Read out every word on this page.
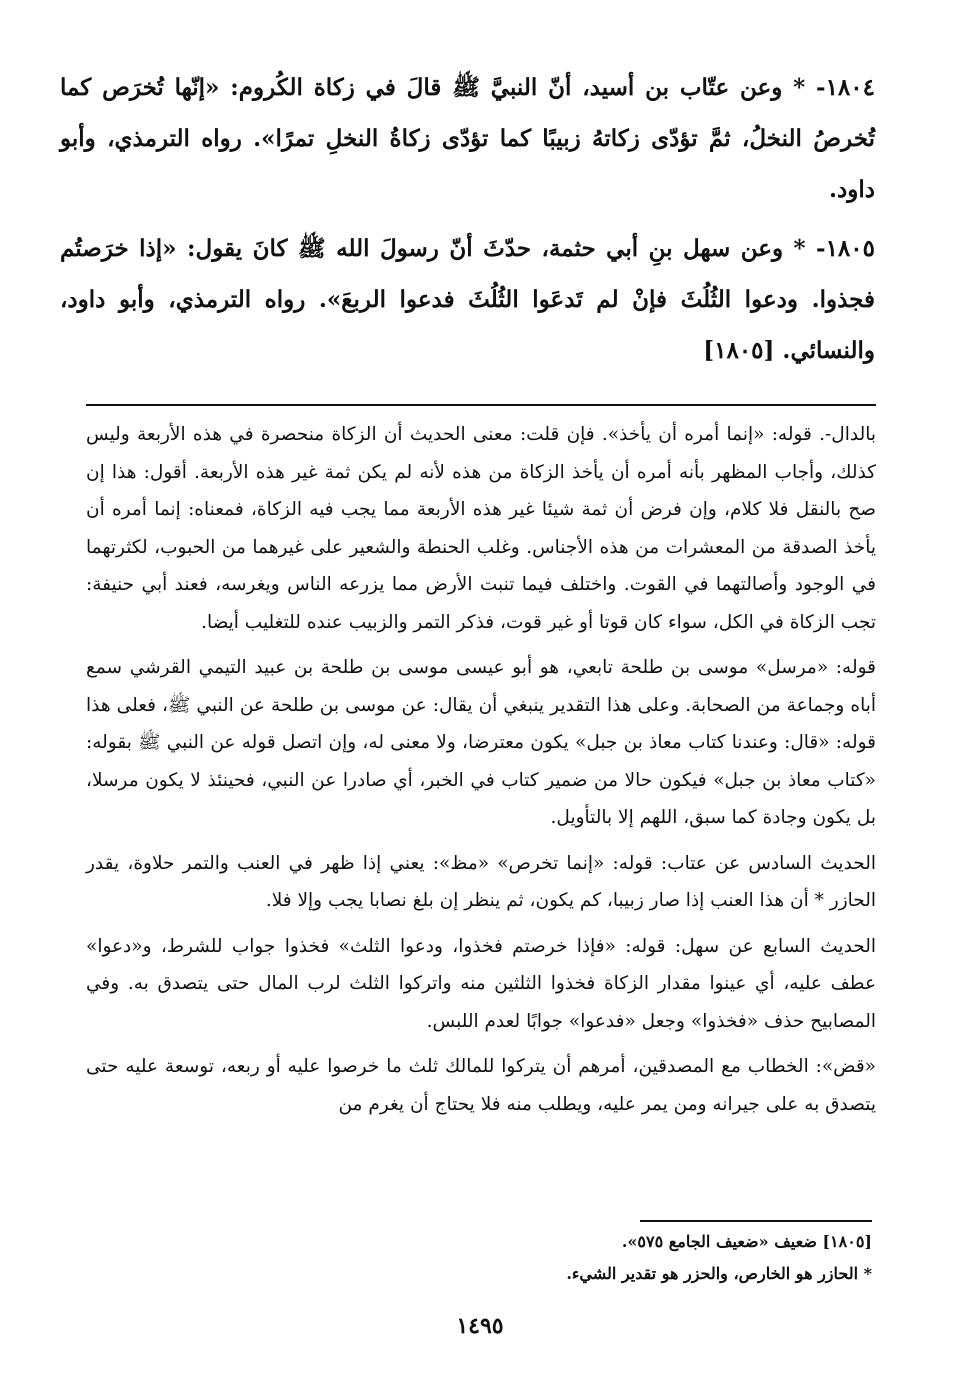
١٨٠٤- * وعن عتّاب بن أسيد، أنّ النبيَّ ﷺ قالَ في زكاة الكُروم: «إنّها تُخرَص كما تُخرصُ النخلُ، ثمَّ تؤدّى زكاتهُ زبيبًا كما تؤدّى زكاةُ النخلِ تمرًا». رواه الترمذي، وأبو داود.

١٨٠٥- * وعن سهل بنِ أبي حثمة، حدّثَ أنّ رسولَ الله ﷺ كانَ يقول: «إذا خرَصتُم فجذوا. ودعوا الثُلُثَ فإنْ لم تَدعَوا الثُلُثَ فدعوا الربعَ». رواه الترمذي، وأبو داود، والنسائي. [١٨٠٥]

بالدال-. قوله: «إنما أمره أن يأخذ». فإن قلت: معنى الحديث أن الزكاة منحصرة في هذه الأربعة وليس كذلك، وأجاب المظهر بأنه أمره أن يأخذ الزكاة من هذه لأنه لم يكن ثمة غير هذه الأربعة. أقول: هذا إن صح بالنقل فلا كلام، وإن فرض أن ثمة شيئا غير هذه الأربعة مما يجب فيه الزكاة، فمعناه: إنما أمره أن يأخذ الصدقة من المعشرات من هذه الأجناس. وغلب الحنطة والشعير على غيرهما من الحبوب، لكثرتهما في الوجود وأصالتهما في القوت. واختلف فيما تنبت الأرض مما يزرعه الناس ويغرسه، فعند أبي حنيفة: تجب الزكاة في الكل، سواء كان قوتا أو غير قوت، فذكر التمر والزبيب عنده للتغليب أيضا.

قوله: «مرسل» موسى بن طلحة تابعي، هو أبو عيسى موسى بن طلحة بن عبيد التيمي القرشي سمع أباه وجماعة من الصحابة. وعلى هذا التقدير ينبغي أن يقال: عن موسى بن طلحة عن النبي ﷺ، فعلى هذا قوله: «قال: وعندنا كتاب معاذ بن جبل» يكون معترضا، ولا معنى له، وإن اتصل قوله عن النبي ﷺ بقوله: «كتاب معاذ بن جبل» فيكون حالا من ضمير كتاب في الخبر، أي صادرا عن النبي، فحينئذ لا يكون مرسلا، بل يكون وجادة كما سبق، اللهم إلا بالتأويل.

الحديث السادس عن عتاب: قوله: «إنما تخرص» «مظ»: يعني إذا ظهر في العنب والتمر حلاوة، يقدر الحازر * أن هذا العنب إذا صار زبيبا، كم يكون، ثم ينظر إن بلغ نصابا يجب وإلا فلا.

الحديث السابع عن سهل: قوله: «فإذا خرصتم فخذوا، ودعوا الثلث» فخذوا جواب للشرط، و«دعوا» عطف عليه، أي عينوا مقدار الزكاة فخذوا الثلثين منه واتركوا الثلث لرب المال حتى يتصدق به. وفي المصابيح حذف «فخذوا» وجعل «فدعوا» جوابًا لعدم اللبس.

«قض»: الخطاب مع المصدقين، أمرهم أن يتركوا للمالك ثلث ما خرصوا عليه أو ربعه، توسعة عليه حتى يتصدق به على جيرانه ومن يمر عليه، ويطلب منه فلا يحتاج أن يغرم من

[١٨٠٥] ضعيف «ضعيف الجامع ٥٧٥».
* الحازر هو الخارص، والحزر هو تقدير الشيء.
١٤٩٥
